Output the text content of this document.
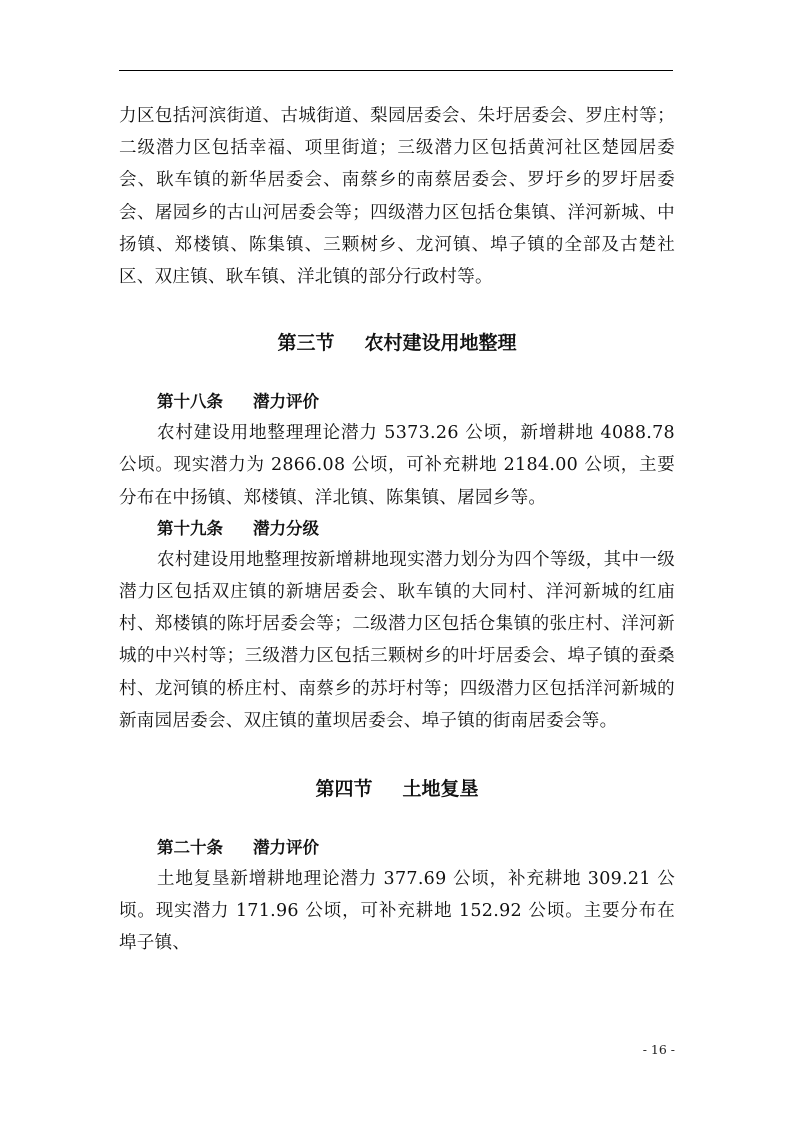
力区包括河滨街道、古城街道、梨园居委会、朱圩居委会、罗庄村等；二级潜力区包括幸福、项里街道；三级潜力区包括黄河社区楚园居委会、耿车镇的新华居委会、南蔡乡的南蔡居委会、罗圩乡的罗圩居委会、屠园乡的古山河居委会等；四级潜力区包括仓集镇、洋河新城、中扬镇、郑楼镇、陈集镇、三颗树乡、龙河镇、埠子镇的全部及古楚社区、双庄镇、耿车镇、洋北镇的部分行政村等。

第三节 农村建设用地整理
第十八条 潜力评价

农村建设用地整理理论潜力 5373.26 公顷，新增耕地 4088.78 公顷。现实潜力为 2866.08 公顷，可补充耕地 2184.00 公顷，主要分布在中扬镇、郑楼镇、洋北镇、陈集镇、屠园乡等。

第十九条 潜力分级

农村建设用地整理按新增耕地现实潜力划分为四个等级，其中一级潜力区包括双庄镇的新塘居委会、耿车镇的大同村、洋河新城的红庙村、郑楼镇的陈圩居委会等；二级潜力区包括仓集镇的张庄村、洋河新城的中兴村等；三级潜力区包括三颗树乡的叶圩居委会、埠子镇的蚕桑村、龙河镇的桥庄村、南蔡乡的苏圩村等；四级潜力区包括洋河新城的新南园居委会、双庄镇的董坝居委会、埠子镇的街南居委会等。

第四节 土地复垦
第二十条 潜力评价

土地复垦新增耕地理论潜力 377.69 公顷，补充耕地 309.21 公顷。现实潜力 171.96 公顷，可补充耕地 152.92 公顷。主要分布在埠子镇、

- 16 -
